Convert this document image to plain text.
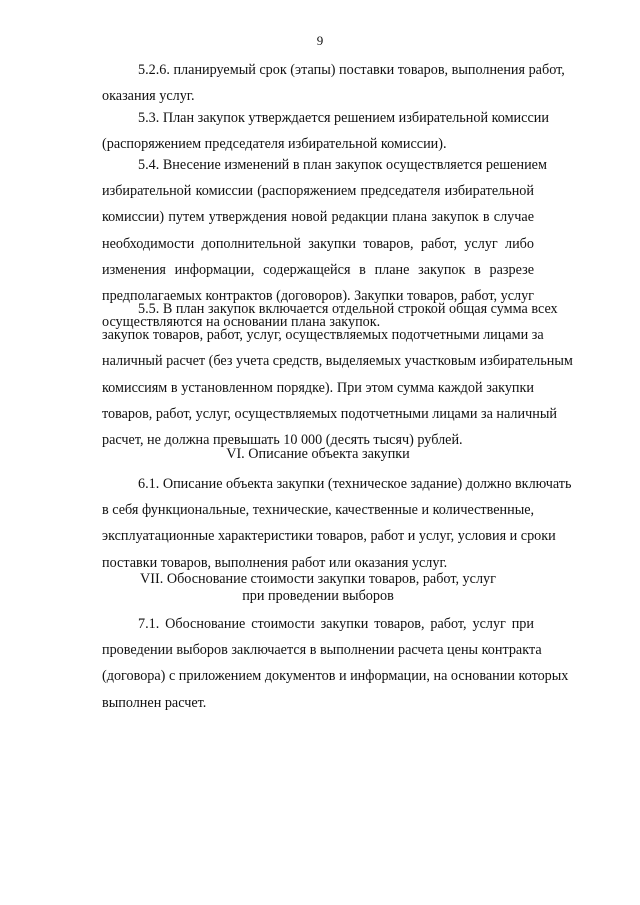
9
5.2.6. планируемый срок (этапы) поставки товаров, выполнения работ,
оказания услуг.
5.3. План закупок утверждается решением избирательной комиссии
(распоряжением председателя избирательной комиссии).
5.4. Внесение изменений в план закупок осуществляется решением
избирательной комиссии (распоряжением председателя избирательной
комиссии) путем утверждения новой редакции плана закупок в случае
необходимости дополнительной закупки товаров, работ, услуг либо
изменения информации, содержащейся в плане закупок в разрезе
предполагаемых контрактов (договоров). Закупки товаров, работ, услуг
осуществляются на основании плана закупок.
5.5. В план закупок включается отдельной строкой общая сумма всех
закупок товаров, работ, услуг, осуществляемых подотчетными лицами за
наличный расчет (без учета средств, выделяемых участковым избирательным
комиссиям в установленном порядке). При этом сумма каждой закупки
товаров, работ, услуг, осуществляемых подотчетными лицами за наличный
расчет, не должна превышать 10 000 (десять тысяч) рублей.
VI. Описание объекта закупки
6.1. Описание объекта закупки (техническое задание) должно включать
в себя функциональные, технические, качественные и количественные,
эксплуатационные характеристики товаров, работ и услуг, условия и сроки
поставки товаров, выполнения работ или оказания услуг.
VII. Обоснование стоимости закупки товаров, работ, услуг
при проведении выборов
7.1. Обоснование стоимости закупки товаров, работ, услуг при
проведении выборов заключается в выполнении расчета цены контракта
(договора) с приложением документов и информации, на основании которых
выполнен расчет.
